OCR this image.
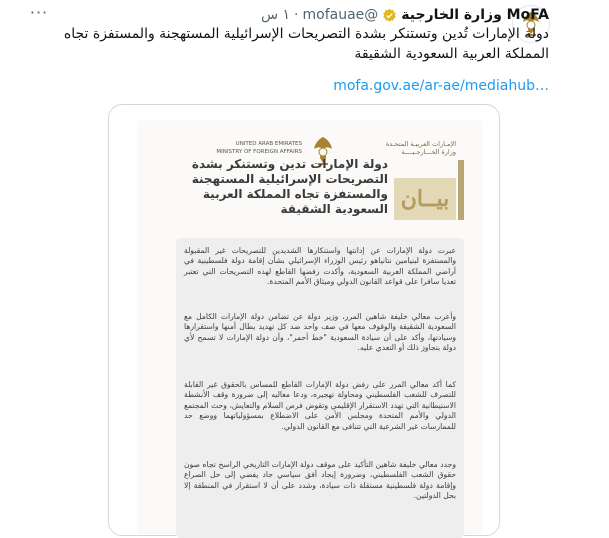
MoFA وزارة الخارجية
@mofauae
·
١ س
···
دولة الإمارات تُدين وتستنكر بشدة التصريحات الإسرائيلية المستهجنة والمستفزة تجاه المملكة العربية السعودية الشقيقة
mofa.gov.ae/ar-ae/mediahub…
الإمـارات العربيـة المتحـدة
وزارة الخـــارجـيــــة
UNITED ARAB EMIRATES
MINISTRY OF FOREIGN AFFAIRS
بيــان
دولة الإمارات تدين وتستنكر بشدة التصريحات الإسرائيلية المستهجنة والمستفزة تجاه المملكة العربية السعودية الشقيقة
عبرت دولة الإمارات عن إدانتها واستنكارها الشديدين للتصريحات غير المقبولة والمستفزة لبنيامين نتانياهو رئيس الوزراء الإسرائيلي بشأن إقامة دولة فلسطينية في أراضي المملكة العربية السعودية، وأكدت رفضها القاطع لهذه التصريحات التي تعتبر تعديا سافرا على قواعد القانون الدولي وميثاق الأمم المتحدة.
وأعرب معالي خليفة شاهين المرر، وزير دولة عن تضامن دولة الإمارات الكامل مع السعودية الشقيقة والوقوف معها في صف واحد ضد كل تهديد يطال أمنها واستقرارها وسيادتها، وأكد على أن سيادة السعودية "خط أحمر"، وأن دولة الإمارات لا تسمح لأي دولة بتجاوز ذلك أو التعدي عليه.
كما أكد معالي المرر على رفض دولة الإمارات القاطع للمساس بالحقوق غير القابلة للتصرف للشعب الفلسطيني ومحاولة تهجيره، ودعا معاليه إلى ضرورة وقف الأنشطة الاستيطانية التي تهدد الاستقرار الإقليمي وتقوض فرص السلام والتعايش، وحث المجتمع الدولي والأمم المتحدة ومجلس الأمن على الاضطلاع بمسؤولياتهما ووضع حد للممارسات غير الشرعية التي تتنافى مع القانون الدولي.
وجدد معالي خليفة شاهين التأكيد على موقف دولة الإمارات التاريخي الراسخ تجاه صون حقوق الشعب الفلسطيني، وضرورة إيجاد أفق سياسي جاد يفضي إلى حل الصراع وإقامة دولة فلسطينية مستقلة ذات سيادة، وشدد على أن لا استقرار في المنطقة إلا بحل الدولتين.
